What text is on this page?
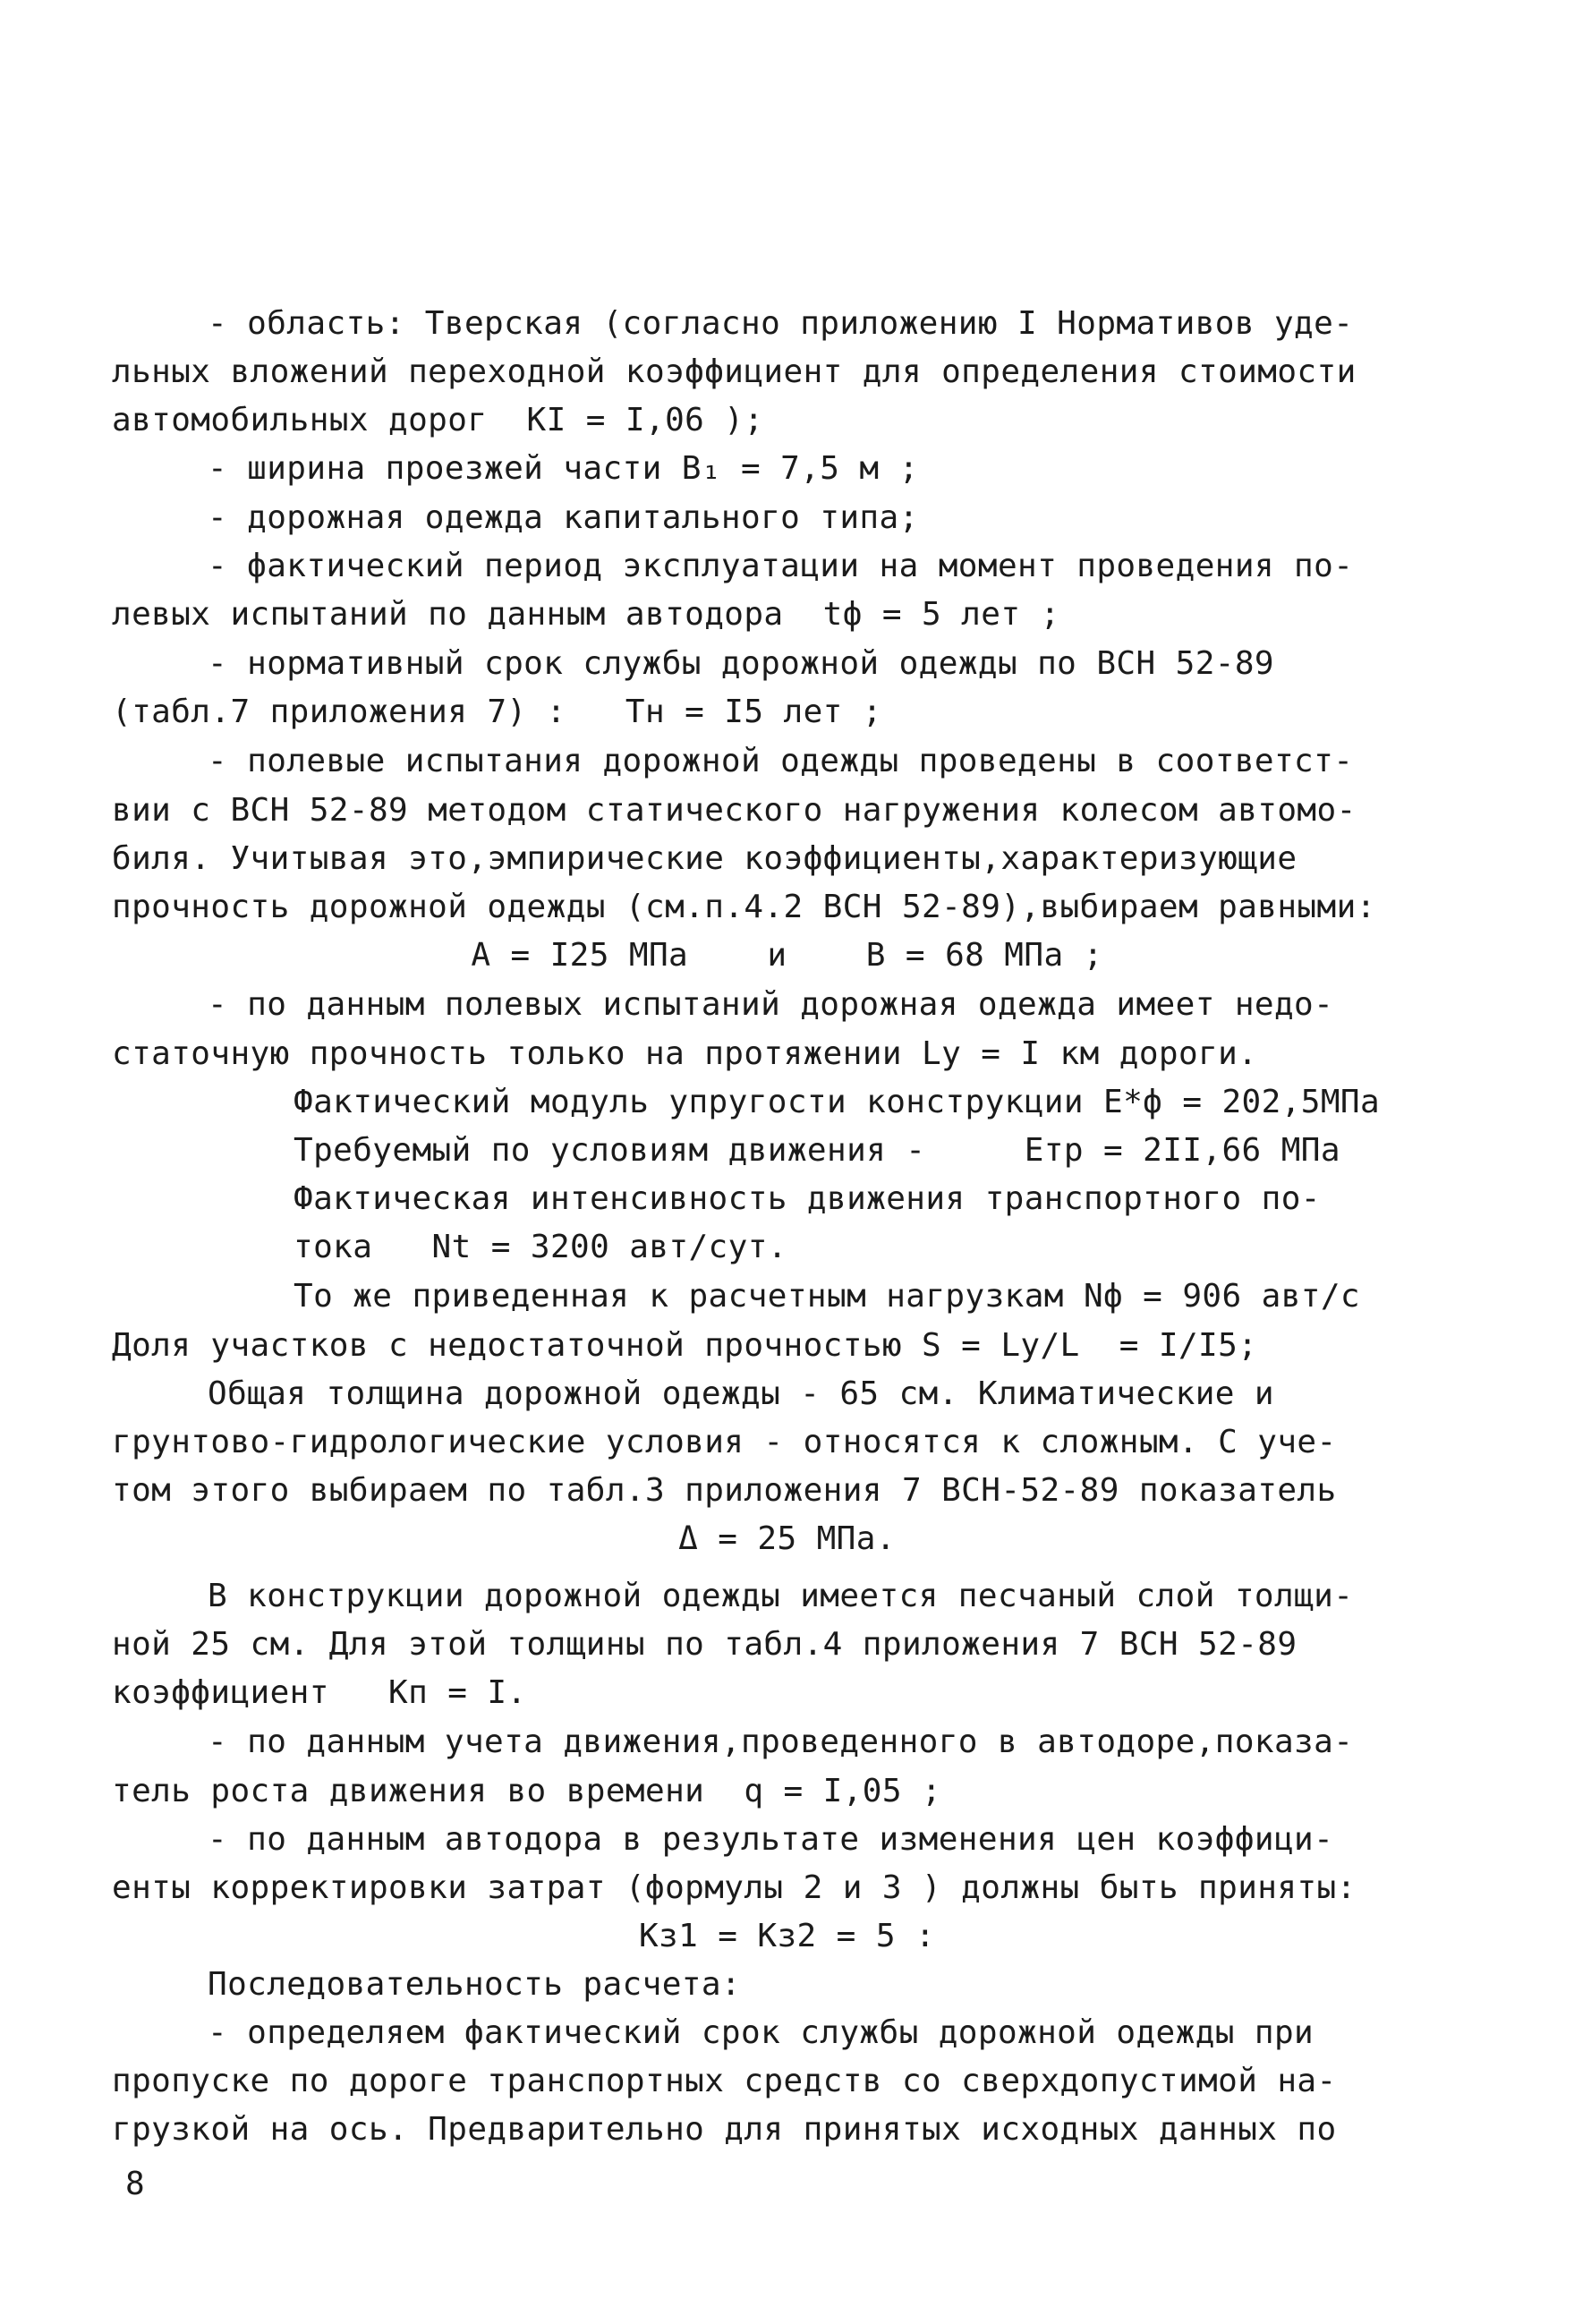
- область: Тверская (согласно приложению I Нормативов уде-
льных вложений переходной коэффициент для определения стоимости
автомобильных дорог  KI = I,06 );
- ширина проезжей части B₁ = 7,5 м ;
- дорожная одежда капитального типа;
- фактический период эксплуатации на момент проведения по-
левых испытаний по данным автодора  tф = 5 лет ;
- нормативный срок службы дорожной одежды по ВСН 52-89
(табл.7 приложения 7) :   Tн = I5 лет ;
- полевые испытания дорожной одежды проведены в соответст-
вии с ВСН 52-89 методом статического нагружения колесом автомо-
биля. Учитывая это,эмпирические коэффициенты,характеризующие
прочность дорожной одежды (см.п.4.2 ВСН 52-89),выбираем равными:
A = I25 МПа    и    B = 68 МПа ;
- по данным полевых испытаний дорожная одежда имеет недо-
статочную прочность только на протяжении Ly = I км дороги.
Фактический модуль упругости конструкции E*ф = 202,5МПа
Требуемый по условиям движения -     Eтр = 2II,66 МПа
Фактическая интенсивность движения транспортного по-
тока   Nt = 3200 авт/сут.
То же приведенная к расчетным нагрузкам Nф = 906 авт/с
Доля участков с недостаточной прочностью S = Ly/L  = I/I5;
Общая толщина дорожной одежды - 65 см. Климатические и
грунтово-гидрологические условия - относятся к сложным. С уче-
том этого выбираем по табл.3 приложения 7 ВСН-52-89 показатель
Δ = 25 МПа.
В конструкции дорожной одежды имеется песчаный слой толщи-
ной 25 см. Для этой толщины по табл.4 приложения 7 ВСН 52-89
коэффициент   Kп = I.
- по данным учета движения,проведенного в автодоре,показа-
тель роста движения во времени  q = I,05 ;
- по данным автодора в результате изменения цен коэффици-
енты корректировки затрат (формулы 2 и 3 ) должны быть приняты:
Kз1 = Kз2 = 5 :
Последовательность расчета:
- определяем фактический срок службы дорожной одежды при
пропуске по дороге транспортных средств со сверхдопустимой на-
грузкой на ось. Предварительно для принятых исходных данных по
8
